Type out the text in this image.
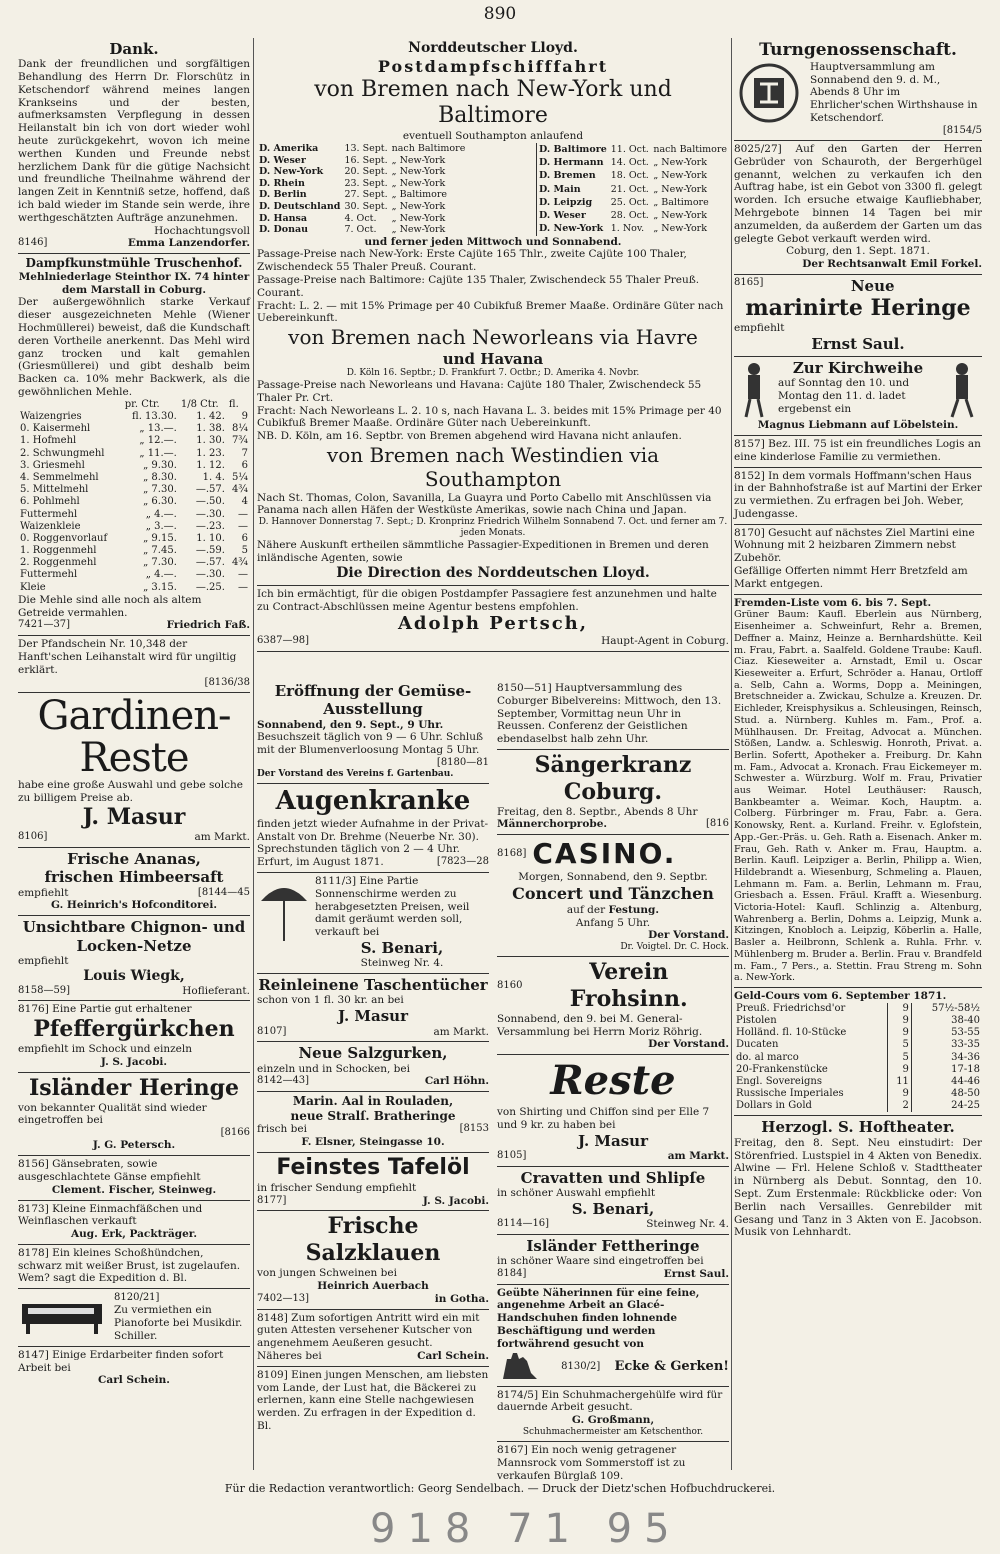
890
Dank.

Dank der freundlichen und sorgfältigen Behandlung des Herrn Dr. Florschütz in Ketschendorf während meines langen Krankseins und der besten, aufmerksamsten Verpflegung in dessen Heilanstalt bin ich von dort wieder wohl heute zurückgekehrt, wovon ich meine werthen Kunden und Freunde nebst herzlichem Dank für die gütige Nachsicht und freundliche Theilnahme während der langen Zeit in Kenntniß setze, hoffend, daß ich bald wieder im Stande sein werde, ihre werthgeschätzten Aufträge anzunehmen.

Hochachtungsvoll

8146]	Emma Lanzendorfer.
Dampfkunstmühle Truschenhof.
Mehlniederlage Steinthor IX. 74 hinter dem Marstall in Coburg.

Der außergewöhnlich starke Verkauf dieser ausgezeichneten Mehle (Wiener Hochmüllerei) beweist, daß die Kundschaft deren Vortheile anerkennt. Das Mehl wird ganz trocken und kalt gemahlen (Griesmüllerei) und gibt deshalb beim Backen ca. 10% mehr Backwerk, als die gewöhnlichen Mehle.

	pr. Ctr.	1/8 Ctr.	fl.
Waizengries	fl. 13.30.	1. 42.	9
0. Kaisermehl	„ 13.—.	1. 38.	8¼
1. Hofmehl	„ 12.—.	1. 30.	7¾
2. Schwungmehl	„ 11.—.	1. 23.	7
3. Griesmehl	„ 9.30.	1. 12.	6
4. Semmelmehl	„ 8.30.	1. 4.	5¼
5. Mittelmehl	„ 7.30.	—.57.	4¾
6. Pohlmehl	„ 6.30.	—.50.	4
Futtermehl	„ 4.—.	—.30.	—
Waizenkleie	„ 3.—.	—.23.	—
0. Roggenvorlauf	„ 9.15.	1. 10.	6
1. Roggenmehl	„ 7.45.	—.59.	5
2. Roggenmehl	„ 7.30.	—.57.	4¾
Futtermehl	„ 4.—.	—.30.	—
Kleie	„ 3.15.	—.25.	—

Die Mehle sind alle noch als altem Getreide vermahlen.

7421—37]	Friedrich Faß.

Der Pfandschein Nr. 10,348 der Hanft'schen Leihanstalt wird für ungiltig erklärt.

[8136/38

Gardinen-Reste

habe eine große Auswahl und gebe solche zu billigem Preise ab.

J. Masur
8106]	am Markt.
Frische Ananas,
frischen Himbeersaft
empfiehlt	[8144—45
G. Heinrich's Hofconditorei.
Unsichtbare Chignon- und
Locken-Netze

empfiehlt

Louis Wiegk,
8158—59]	Hoflieferant.

8176] Eine Partie gut erhaltener

Pfeffergürkchen

empfiehlt im Schock und einzeln

J. S. Jacobi.
Isländer Heringe

von bekannter Qualität sind wieder eingetroffen bei

[8166

J. G. Petersch.

8156] Gänsebraten, sowie ausgeschlachtete Gänse empfiehlt

Clement. Fischer, Steinweg.

8173] Kleine Einmachfäßchen und Weinflaschen verkauft

Aug. Erk, Packträger.

8178] Ein kleines Schoßhündchen, schwarz mit weißer Brust, ist zugelaufen. Wem? sagt die Expedition d. Bl.

8120/21]

Zu vermiethen ein Pianoforte bei Musikdir. Schiller.

8147] Einige Erdarbeiter finden sofort Arbeit bei

Carl Schein.
Norddeutscher Lloyd.
Postdampfschifffahrt
von Bremen nach New-York und Baltimore
eventuell Southampton anlaufend
D. Amerika	13. Sept.	nach Baltimore
D. Weser	16. Sept.	„ New-York
D. New-York	20. Sept.	„ New-York
D. Rhein	23. Sept.	„ New-York
D. Berlin	27. Sept.	„ Baltimore
D. Deutschland	30. Sept.	„ New-York
D. Hansa	4. Oct.	„ New-York
D. Donau	7. Oct.	„ New-York
D. Baltimore	11. Oct.	nach Baltimore
D. Hermann	14. Oct.	„ New-York
D. Bremen	18. Oct.	„ New-York
D. Main	21. Oct.	„ New-York
D. Leipzig	25. Oct.	„ Baltimore
D. Weser	28. Oct.	„ New-York
D. New-York	1. Nov.	„ New-York
und ferner jeden Mittwoch und Sonnabend.

Passage-Preise nach New-York: Erste Cajüte 165 Thlr., zweite Cajüte 100 Thaler, Zwischendeck 55 Thaler Preuß. Courant.

Passage-Preise nach Baltimore: Cajüte 135 Thaler, Zwischendeck 55 Thaler Preuß. Courant.

Fracht: L. 2. — mit 15% Primage per 40 Cubikfuß Bremer Maaße. Ordinäre Güter nach Uebereinkunft.

von Bremen nach Neworleans via Havre
und Havana
D. Köln 16. Septbr.; D. Frankfurt 7. Octbr.; D. Amerika 4. Novbr.

Passage-Preise nach Neworleans und Havana: Cajüte 180 Thaler, Zwischendeck 55 Thaler Pr. Crt.

Fracht: Nach Neworleans L. 2. 10 s, nach Havana L. 3. beides mit 15% Primage per 40 Cubikfuß Bremer Maaße. Ordinäre Güter nach Uebereinkunft.

NB. D. Köln, am 16. Septbr. von Bremen abgehend wird Havana nicht anlaufen.

von Bremen nach Westindien via Southampton

Nach St. Thomas, Colon, Savanilla, La Guayra und Porto Cabello mit Anschlüssen via Panama nach allen Häfen der Westküste Amerikas, sowie nach China und Japan.

D. Hannover Donnerstag 7. Sept.; D. Kronprinz Friedrich Wilhelm Sonnabend 7. Oct. und ferner am 7. jeden Monats.

Nähere Auskunft ertheilen sämmtliche Passagier-Expeditionen in Bremen und deren inländische Agenten, sowie

Die Direction des Norddeutschen Lloyd.

Ich bin ermächtigt, für die obigen Postdampfer Passagiere fest anzunehmen und halte zu Contract-Abschlüssen meine Agentur bestens empfohlen.

Adolph Pertsch,
6387—98]	Haupt-Agent in Coburg.
Eröffnung der Gemüse-
Ausstellung
Sonnabend, den 9. Sept., 9 Uhr.

Besuchszeit täglich von 9 — 6 Uhr. Schluß mit der Blumenverloosung Montag 5 Uhr.

[8180—81

Der Vorstand des Vereins f. Gartenbau.
Augenkranke

finden jetzt wieder Aufnahme in der Privat-Anstalt von Dr. Brehme (Neuerbe Nr. 30). Sprechstunden täglich von 2 — 4 Uhr.

Erfurt, im August 1871.	[7823—28

8111/3] Eine Partie Sonnenschirme werden zu herabgesetzten Preisen, weil damit geräumt werden soll, verkauft bei

S. Benari,
Steinweg Nr. 4.
Reinleinene Taschentücher

schon von 1 fl. 30 kr. an bei

J. Masur
8107]	am Markt.
Neue Salzgurken,

einzeln und in Schocken, bei

8142—43]	Carl Höhn.
Marin. Aal in Rouladen,
neue Stralſ. Bratheringe
frisch bei	[8153
F. Elsner, Steingasse 10.
Feinstes Tafelöl

in frischer Sendung empfiehlt

8177]	J. S. Jacobi.
Frische Salzklauen

von jungen Schweinen bei

Heinrich Auerbach
7402—13]	in Gotha.

8148] Zum sofortigen Antritt wird ein mit guten Attesten versehener Kutscher von angenehmem Aeußeren gesucht.

Näheres bei	Carl Schein.

8109] Einen jungen Menschen, am liebsten vom Lande, der Lust hat, die Bäckerei zu erlernen, kann eine Stelle nachgewiesen werden. Zu erfragen in der Expedition d. Bl.

8150—51] Hauptversammlung des Coburger Bibelvereins: Mittwoch, den 13. September, Vormittag neun Uhr in Reussen. Conferenz der Geistlichen ebendaselbst halb zehn Uhr.

Sängerkranz Coburg.

Freitag, den 8. Septbr., Abends 8 Uhr

Männerchorprobe.	[816
8168] CASINO.

Morgen, Sonnabend, den 9. Septbr.

Concert und Tänzchen
auf der Festung.

Anfang 5 Uhr.

Der Vorstand.
Dr. Voigtel. Dr. C. Hock.
8160
Verein Frohsinn.

Sonnabend, den 9. bei M. General-Versammlung bei Herrn Moriz Röhrig.

Der Vorstand.
Reste

von Shirting und Chiffon sind per Elle 7 und 9 kr. zu haben bei

J. Masur
8105]	am Markt.
Cravatten und Shlipſe

in schöner Auswahl empfiehlt

S. Benari,
8114—16]	Steinweg Nr. 4.
Isländer Fettheringe

in schöner Waare sind eingetroffen bei

8184]	Ernst Saul.

Geübte Näherinnen für eine feine, angenehme Arbeit an Glacé-Handschuhen finden lohnende Beschäftigung und werden fortwährend gesucht von

8130/2] Ecke & Gerken!

8174/5] Ein Schuhmachergehülfe wird für dauernde Arbeit gesucht.

G. Großmann,
Schuhmachermeister am Ketschenthor.

8167] Ein noch wenig getragener Mannsrock vom Sommerstoff ist zu verkaufen Bürglaß 109.

Turngenossenschaft.

Hauptversammlung am Sonnabend den 9. d. M., Abends 8 Uhr im Ehrlicher'schen Wirthshause in Ketschendorf.

[8154/5

8025/27] Auf den Garten der Herren Gebrüder von Schauroth, der Bergerhügel genannt, welchen zu verkaufen ich den Auftrag habe, ist ein Gebot von 3300 fl. gelegt worden. Ich ersuche etwaige Kaufliebhaber, Mehrgebote binnen 14 Tagen bei mir anzumelden, da außerdem der Garten um das gelegte Gebot verkauft werden wird.

Coburg, den 1. Sept. 1871.

Der Rechtsanwalt Emil Forkel.
8165]	Neue
marinirte Heringe

empfiehlt

Ernst Saul.
Zur Kirchweihe

auf Sonntag den 10. und Montag den 11. d. ladet ergebenst ein

Magnus Liebmann auf Löbelstein.

8157] Bez. III. 75 ist ein freundliches Logis an eine kinderlose Familie zu vermiethen.

8152] In dem vormals Hoffmann'schen Haus in der Bahnhofstraße ist auf Martini der Erker zu vermiethen. Zu erfragen bei Joh. Weber, Judengasse.

8170] Gesucht auf nächstes Ziel Martini eine Wohnung mit 2 heizbaren Zimmern nebst Zubehör.

Gefällige Offerten nimmt Herr Bretzfeld am Markt entgegen.

Fremden-Liste vom 6. bis 7. Sept.

Grüner Baum: Kaufl. Eberlein aus Nürnberg, Eisenheimer a. Schweinfurt, Rehr a. Bremen, Deffner a. Mainz, Heinze a. Bernhardshütte. Keil m. Frau, Fabrt. a. Saalfeld. Goldene Traube: Kaufl. Ciaz. Kieseweiter a. Arnstadt, Emil u. Oscar Kieseweiter a. Erfurt, Schröder a. Hanau, Ortloff a. Selb, Cahn a. Worms, Dopp a. Meiningen, Bretschneider a. Zwickau, Schulze a. Kreuzen. Dr. Eichleder, Kreisphysikus a. Schleusingen, Reinsch, Stud. a. Nürnberg. Kuhles m. Fam., Prof. a. Mühlhausen. Dr. Freitag, Advocat a. München. Stößen, Landw. a. Schleswig. Honroth, Privat. a. Berlin. Sofertt, Apotheker a. Freiburg. Dr. Kahn m. Fam., Advocat a. Kronach. Frau Eickemeyer m. Schwester a. Würzburg. Wolf m. Frau, Privatier aus Weimar. Hotel Leuthäuser: Rausch, Bankbeamter a. Weimar. Koch, Hauptm. a. Colberg. Fürbringer m. Frau, Fabr. a. Gera. Konowsky, Rent. a. Kurland. Freihr. v. Eglofstein, App.-Ger.-Präs. u. Geh. Rath a. Eisenach. Anker m. Frau, Geh. Rath v. Anker m. Frau, Hauptm. a. Berlin. Kaufl. Leipziger a. Berlin, Philipp a. Wien, Hildebrandt a. Wiesenburg, Schmeling a. Plauen, Lehmann m. Fam. a. Berlin, Lehmann m. Frau, Griesbach a. Essen. Fräul. Krafft a. Wiesenburg. Victoria-Hotel: Kaufl. Schlinzig a. Altenburg, Wahrenberg a. Berlin, Dohms a. Leipzig, Munk a. Kitzingen, Knobloch a. Leipzig, Köberlin a. Halle, Basler a. Heilbronn, Schlenk a. Ruhla. Frhr. v. Mühlenberg m. Bruder a. Berlin. Frau v. Brandfeld m. Fam., 7 Pers., a. Stettin. Frau Streng m. Sohn a. New-York.

Geld-Cours vom 6. September 1871.
Preuß. Friedrichsd'or	9	57½-58½
Pistolen	9	38-40
Holländ. fl. 10-Stücke	9	53-55
Ducaten	5	33-35
do. al marco	5	34-36
20-Frankenstücke	9	17-18
Engl. Sovereigns	11	44-46
Russische Imperiales	9	48-50
Dollars in Gold	2	24-25
Herzogl. S. Hoftheater.

Freitag, den 8. Sept. Neu einstudirt: Der Störenfried. Lustspiel in 4 Akten von Benedix. Alwine — Frl. Helene Schloß v. Stadttheater in Nürnberg als Debut. Sonntag, den 10. Sept. Zum Erstenmale: Rückblicke oder: Von Berlin nach Versailles. Genrebilder mit Gesang und Tanz in 3 Akten von E. Jacobson. Musik von Lehnhardt.

Für die Redaction verantwortlich: Georg Sendelbach. — Druck der Dietz'schen Hofbuchdruckerei.
918 71 95
